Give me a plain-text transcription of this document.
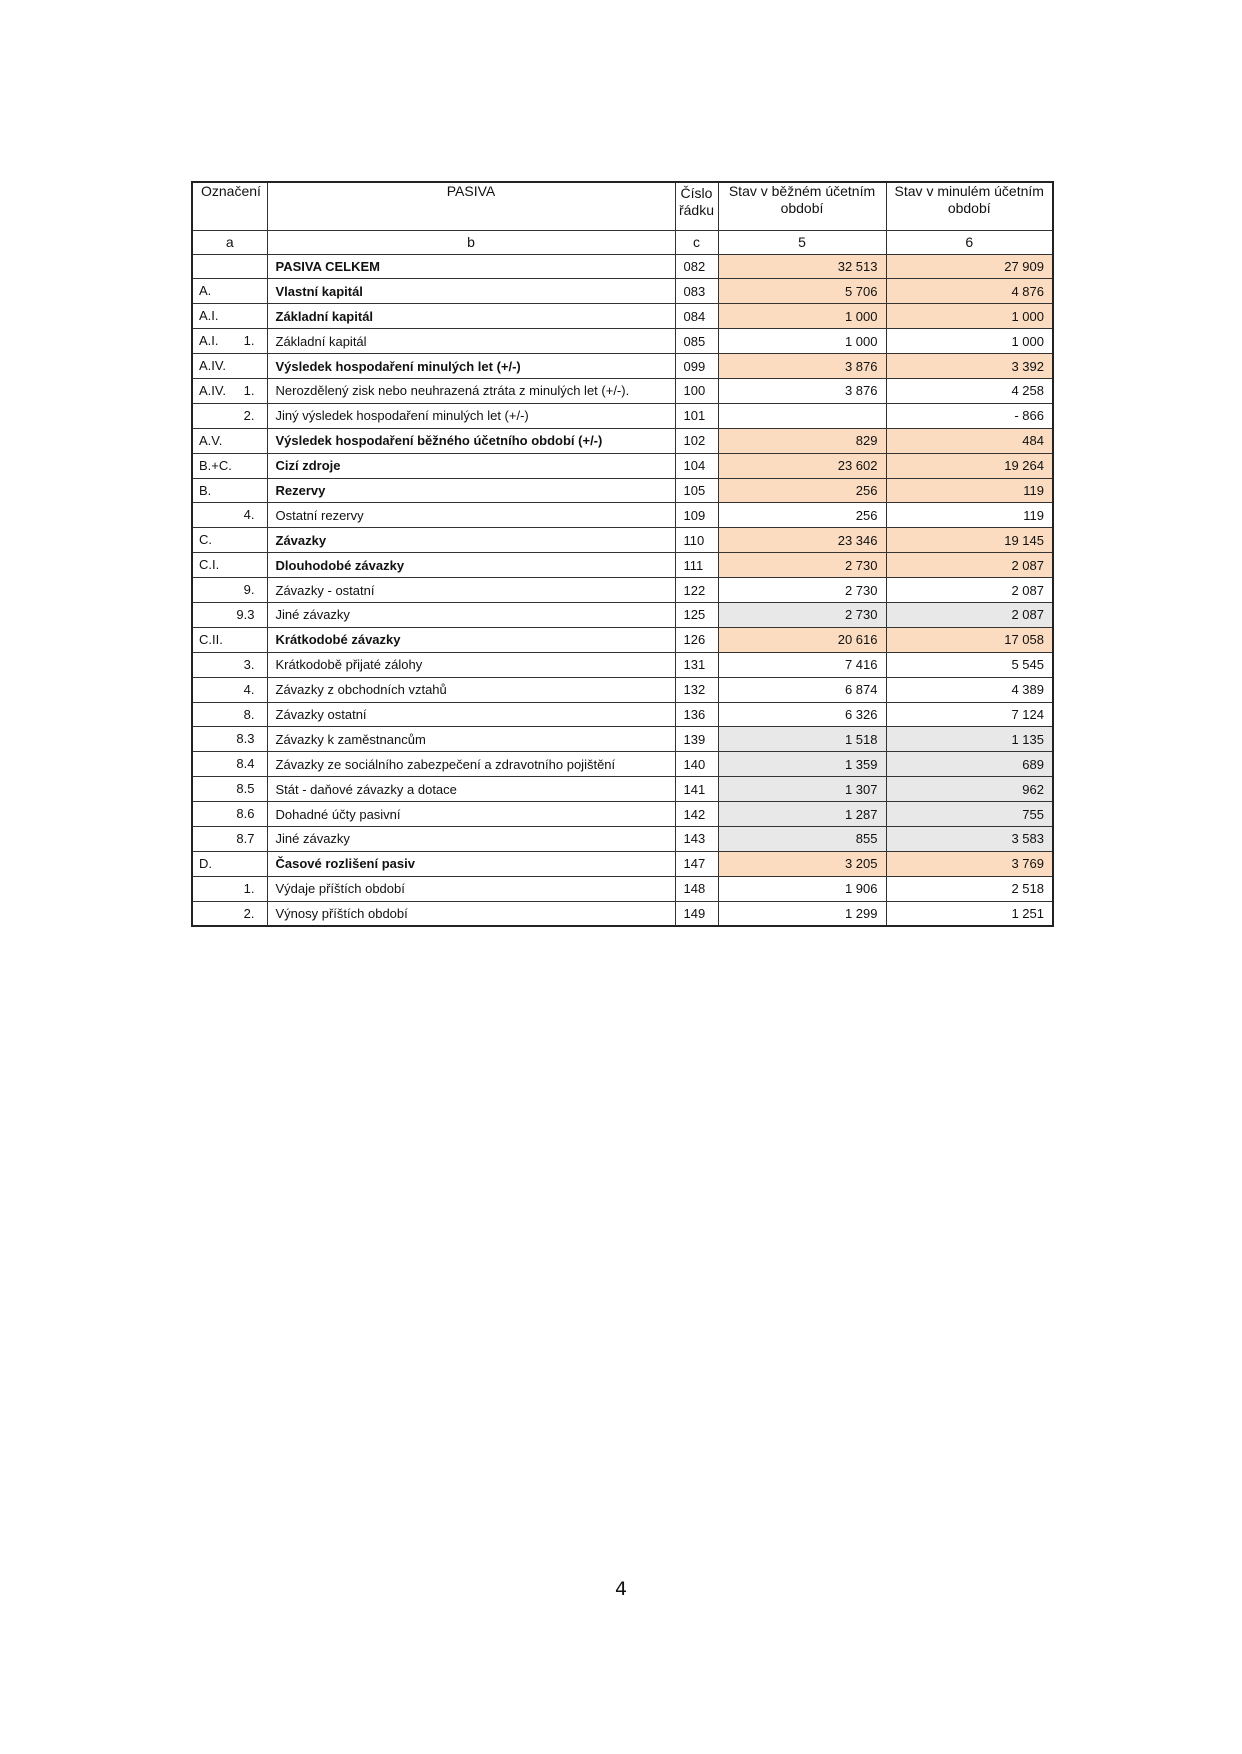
Označení	PASIVA	Číslo řádku	Stav v běžném účetním období	Stav v minulém účetním období
a	b	c	5	6

	PASIVA CELKEM	082	32 513	27 909

A.	Vlastní kapitál	083	5 706	4 876

A.I.	Základní kapitál	084	1 000	1 000

A.I. 1.	Základní kapitál	085	1 000	1 000

A.IV.	Výsledek hospodaření minulých let (+/-)	099	3 876	3 392

A.IV. 1.	Nerozdělený zisk nebo neuhrazená ztráta z minulých let (+/-).	100	3 876	4 258

2.	Jiný výsledek hospodaření minulých let (+/-)	101		- 866

A.V.	Výsledek hospodaření běžného účetního období (+/-)	102	829	484

B.+C.	Cizí zdroje	104	23 602	19 264

B.	Rezervy	105	256	119

4.	Ostatní rezervy	109	256	119

C.	Závazky	110	23 346	19 145

C.I.	Dlouhodobé závazky	111	2 730	2 087

9.	Závazky - ostatní	122	2 730	2 087

9.3	Jiné závazky	125	2 730	2 087

C.II.	Krátkodobé závazky	126	20 616	17 058

3.	Krátkodobě přijaté zálohy	131	7 416	5 545

4.	Závazky z obchodních vztahů	132	6 874	4 389

8.	Závazky ostatní	136	6 326	7 124

8.3	Závazky k zaměstnancům	139	1 518	1 135

8.4	Závazky ze sociálního zabezpečení a zdravotního pojištění	140	1 359	689

8.5	Stát - daňové závazky a dotace	141	1 307	962

8.6	Dohadné účty pasivní	142	1 287	755

8.7	Jiné závazky	143	855	3 583

D.	Časové rozlišení pasiv	147	3 205	3 769

1.	Výdaje příštích období	148	1 906	2 518

2.	Výnosy příštích období	149	1 299	1 251
4
